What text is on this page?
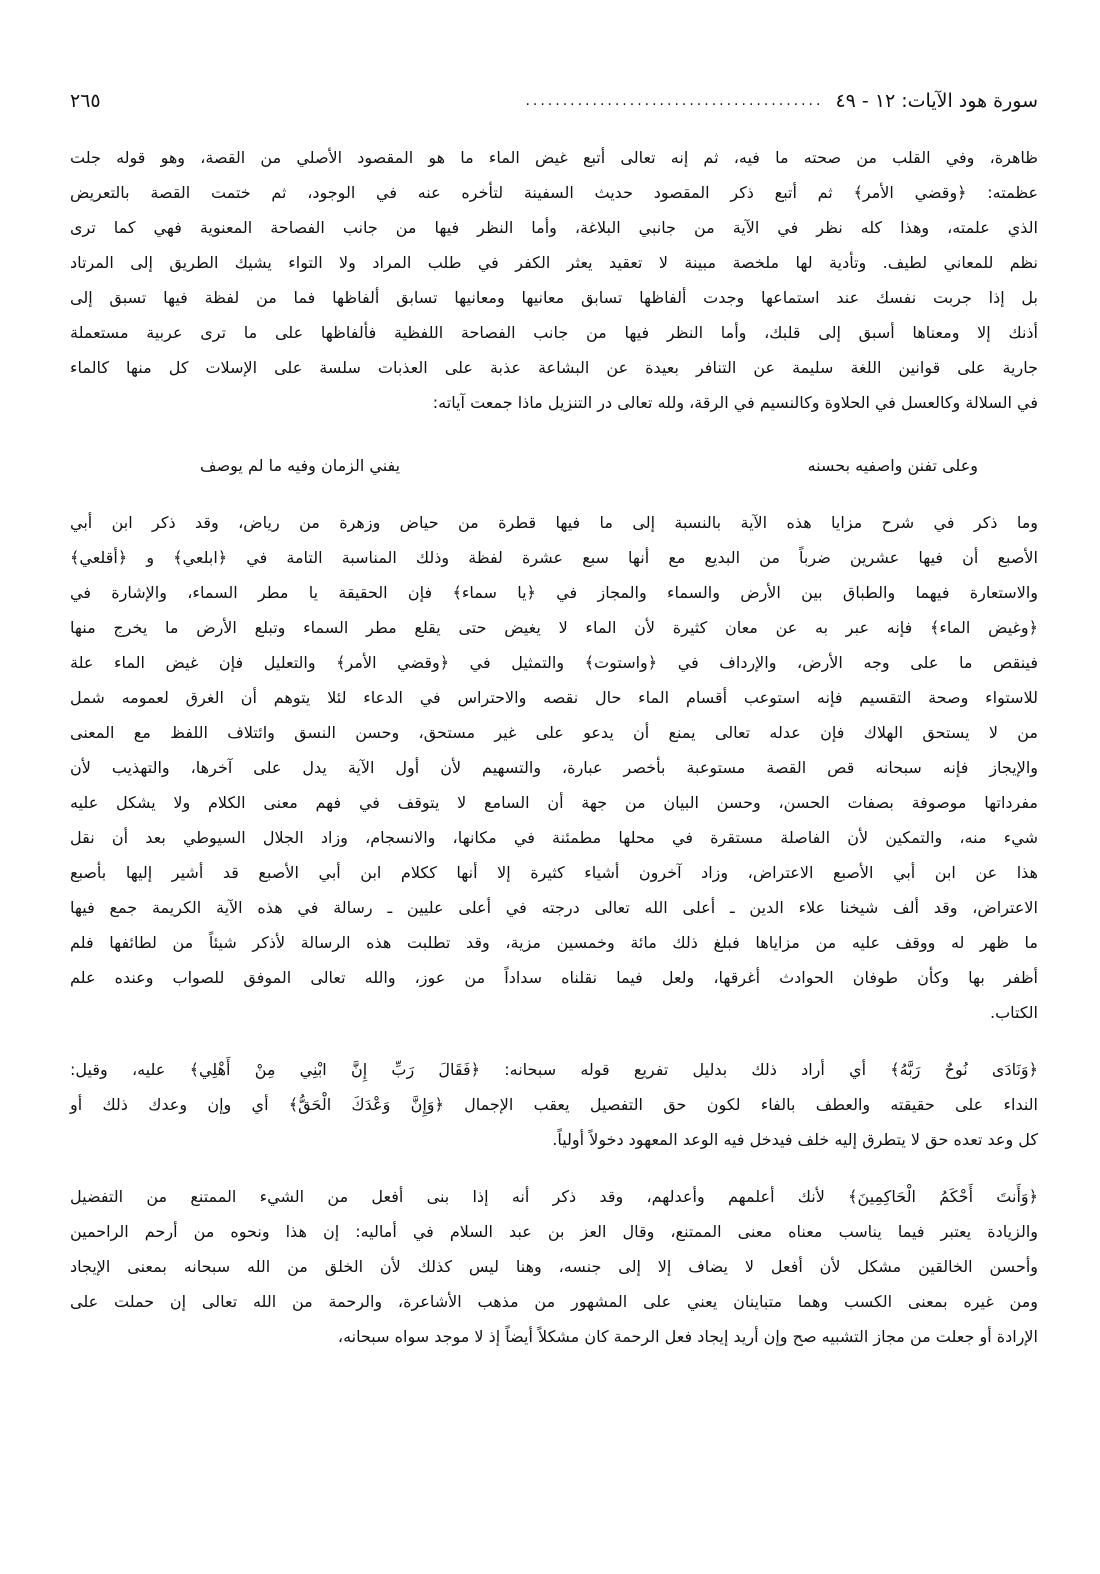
سورة هود الآيات: ١٢ - ٤٩
........................................
٢٦٥
ظاهرة، وفي القلب من صحته ما فيه، ثم إنه تعالى أتبع غيض الماء ما هو المقصود الأصلي من القصة، وهو قوله جلت
عظمته: ﴿وقضي الأمر﴾ ثم أتبع ذكر المقصود حديث السفينة لتأخره عنه في الوجود، ثم ختمت القصة بالتعريض
الذي علمته، وهذا كله نظر في الآية من جانبي البلاغة، وأما النظر فيها من جانب الفصاحة المعنوية فهي كما ترى
نظم للمعاني لطيف. وتأدية لها ملخصة مبينة لا تعقيد يعثر الكفر في طلب المراد ولا التواء يشيك الطريق إلى المرتاد
بل إذا جربت نفسك عند استماعها وجدت ألفاظها تسابق معانيها ومعانيها تسابق ألفاظها فما من لفظة فيها تسبق إلى
أذنك إلا ومعناها أسبق إلى قلبك، وأما النظر فيها من جانب الفصاحة اللفظية فألفاظها على ما ترى عربية مستعملة
جارية على قوانين اللغة سليمة عن التنافر بعيدة عن البشاعة عذبة على العذبات سلسة على الإسلات كل منها كالماء
في السلالة وكالعسل في الحلاوة وكالنسيم في الرقة، ولله تعالى در التنزيل ماذا جمعت آياته:
وعلى تفنن واصفيه بحسنه
يفني الزمان وفيه ما لم يوصف
وما ذكر في شرح مزايا هذه الآية بالنسبة إلى ما فيها قطرة من حياض وزهرة من رياض، وقد ذكر ابن أبي
الأصبع أن فيها عشرين ضرباً من البديع مع أنها سبع عشرة لفظة وذلك المناسبة التامة في ﴿ابلعي﴾ و ﴿أقلعي﴾
والاستعارة فيهما والطباق بين الأرض والسماء والمجاز في ﴿يا سماء﴾ فإن الحقيقة يا مطر السماء، والإشارة في
﴿وغيض الماء﴾ فإنه عبر به عن معان كثيرة لأن الماء لا يغيض حتى يقلع مطر السماء وتبلع الأرض ما يخرج منها
فينقص ما على وجه الأرض، والإرداف في ﴿واستوت﴾ والتمثيل في ﴿وقضي الأمر﴾ والتعليل فإن غيض الماء علة
للاستواء وصحة التقسيم فإنه استوعب أقسام الماء حال نقصه والاحتراس في الدعاء لئلا يتوهم أن الغرق لعمومه شمل
من لا يستحق الهلاك فإن عدله تعالى يمنع أن يدعو على غير مستحق، وحسن النسق وائتلاف اللفظ مع المعنى
والإيجاز فإنه سبحانه قص القصة مستوعبة بأخصر عبارة، والتسهيم لأن أول الآية يدل على آخرها، والتهذيب لأن
مفرداتها موصوفة بصفات الحسن، وحسن البيان من جهة أن السامع لا يتوقف في فهم معنى الكلام ولا يشكل عليه
شيء منه، والتمكين لأن الفاصلة مستقرة في محلها مطمئنة في مكانها، والانسجام، وزاد الجلال السيوطي بعد أن نقل
هذا عن ابن أبي الأصبع الاعتراض، وزاد آخرون أشياء كثيرة إلا أنها ككلام ابن أبي الأصبع قد أشير إليها بأصبع
الاعتراض، وقد ألف شيخنا علاء الدين ـ أعلى الله تعالى درجته في أعلى عليين ـ رسالة في هذه الآية الكريمة جمع فيها
ما ظهر له ووقف عليه من مزاياها فبلغ ذلك مائة وخمسين مزية، وقد تطلبت هذه الرسالة لأذكر شيئاً من لطائفها فلم
أظفر بها وكأن طوفان الحوادث أغرقها، ولعل فيما نقلناه سداداً من عوز، والله تعالى الموفق للصواب وعنده علم
الكتاب.
﴿وَنَادَى نُوحٌ رَبَّهُ﴾ أي أراد ذلك بدليل تفريع قوله سبحانه: ﴿فَقَالَ رَبِّ إِنَّ ابْنِي مِنْ أَهْلِي﴾ عليه، وقيل:
النداء على حقيقته والعطف بالفاء لكون حق التفصيل يعقب الإجمال ﴿وَإِنَّ وَعْدَكَ الْحَقُّ﴾ أي وإن وعدك ذلك أو
كل وعد تعده حق لا يتطرق إليه خلف فيدخل فيه الوعد المعهود دخولاً أولياً.
﴿وَأَنتَ أَحْكَمُ الْحَاكِمِينَ﴾ لأنك أعلمهم وأعدلهم، وقد ذكر أنه إذا بنى أفعل من الشيء الممتنع من التفضيل
والزيادة يعتبر فيما يناسب معناه معنى الممتنع، وقال العز بن عبد السلام في أماليه: إن هذا ونحوه من أرحم الراحمين
وأحسن الخالقين مشكل لأن أفعل لا يضاف إلا إلى جنسه، وهنا ليس كذلك لأن الخلق من الله سبحانه بمعنى الإيجاد
ومن غيره بمعنى الكسب وهما متباينان يعني على المشهور من مذهب الأشاعرة، والرحمة من الله تعالى إن حملت على
الإرادة أو جعلت من مجاز التشبيه صح وإن أريد إيجاد فعل الرحمة كان مشكلاً أيضاً إذ لا موجد سواه سبحانه،
